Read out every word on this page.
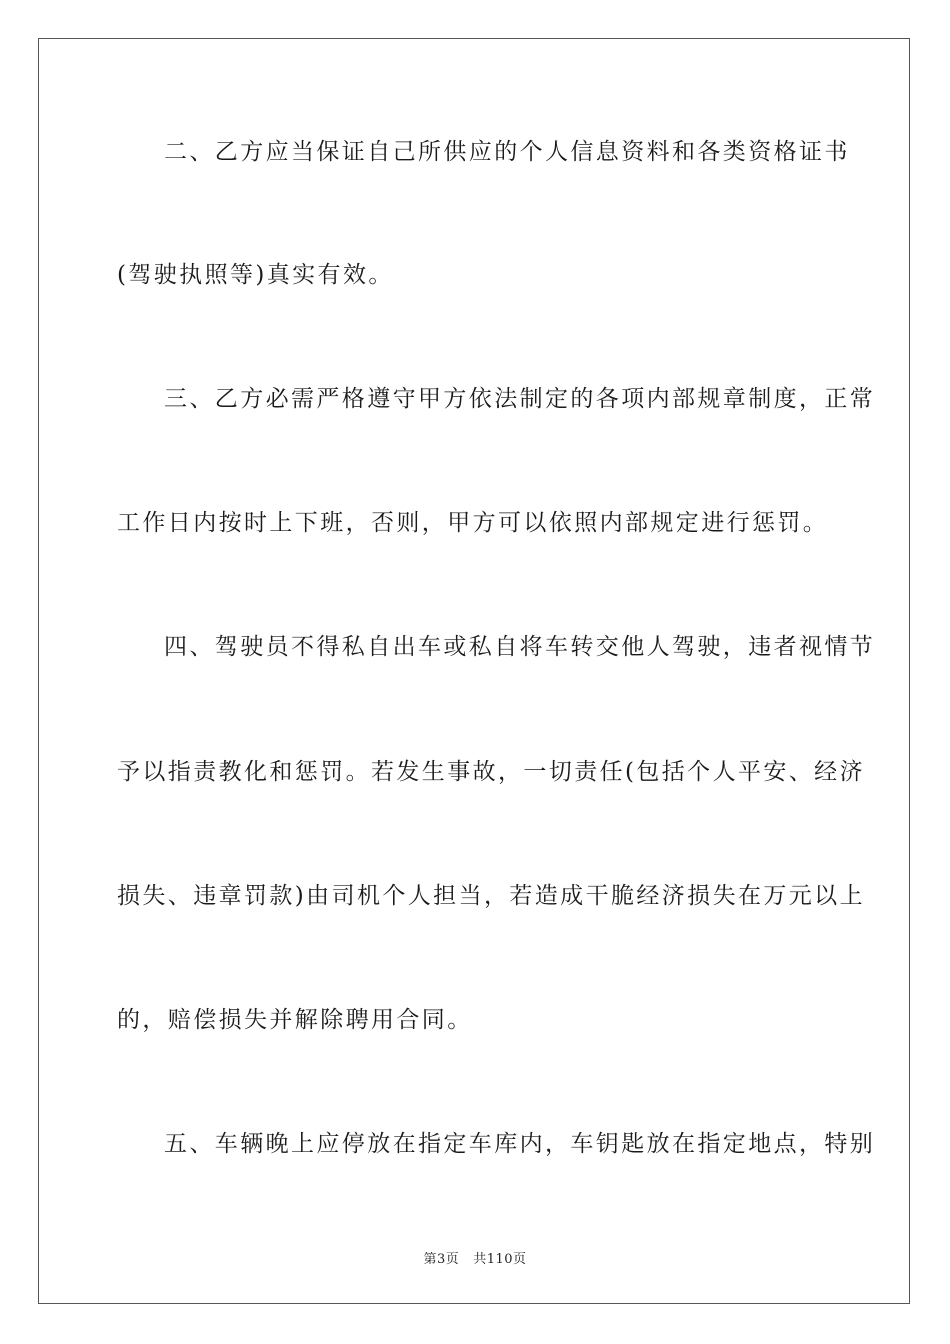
二、乙方应当保证自己所供应的个人信息资料和各类资格证书
(驾驶执照等)真实有效。
三、乙方必需严格遵守甲方依法制定的各项内部规章制度，正常
工作日内按时上下班，否则，甲方可以依照内部规定进行惩罚。
四、驾驶员不得私自出车或私自将车转交他人驾驶，违者视情节
予以指责教化和惩罚。若发生事故，一切责任(包括个人平安、经济
损失、违章罚款)由司机个人担当，若造成干脆经济损失在万元以上
的，赔偿损失并解除聘用合同。
五、车辆晚上应停放在指定车库内，车钥匙放在指定地点，特别
第3页 共110页
